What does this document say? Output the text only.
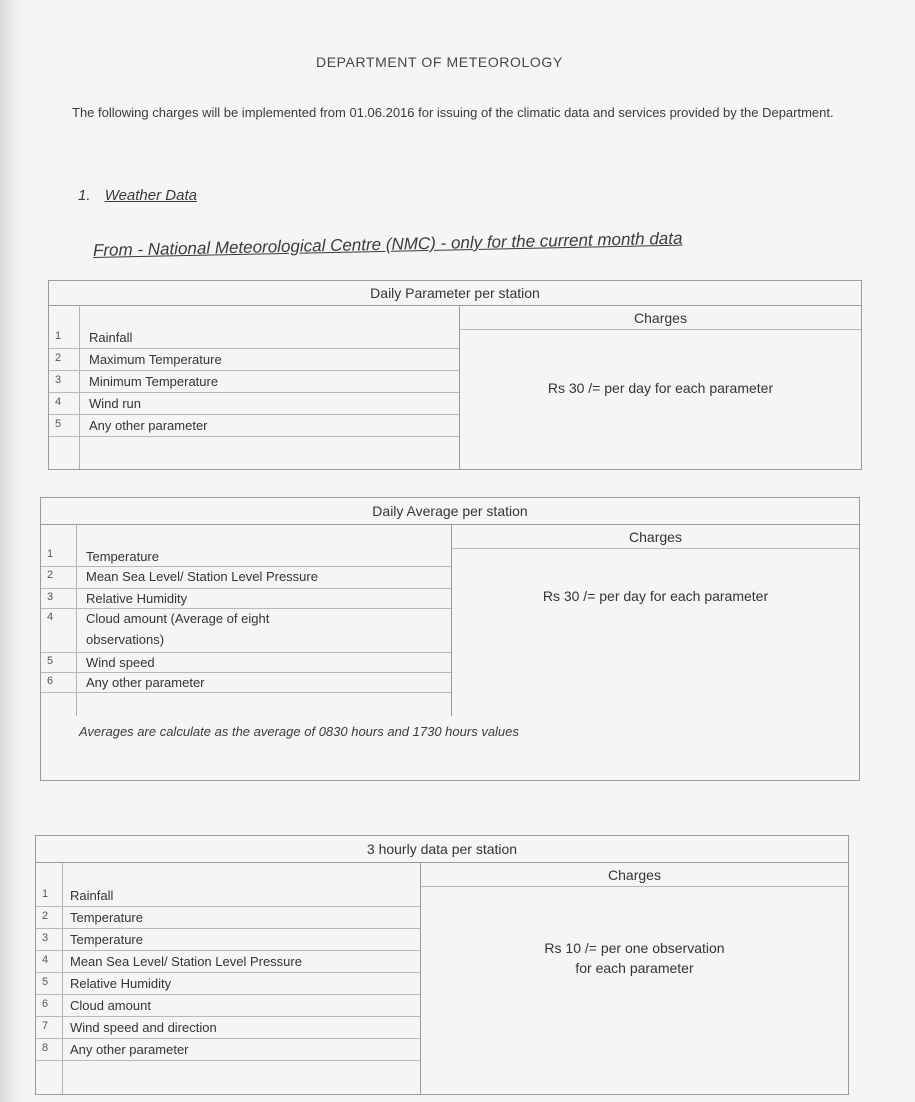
DEPARTMENT OF METEOROLOGY
The following charges will be implemented from 01.06.2016 for issuing of the climatic data and services provided by the Department.
1. Weather Data
From - National Meteorological Centre (NMC) - only for the current month data
Daily Parameter per station
Charges
Rs 30 /= per day for each parameter
1 Rainfall
2 Maximum Temperature
3 Minimum Temperature
4 Wind run
5 Any other parameter
Daily Average per station
Charges
Rs 30 /= per day for each parameter
1	Temperature
2	Mean Sea Level/ Station Level Pressure
3	Relative Humidity
4	Cloud amount (Average of eight
observations)
5	Wind speed
6	Any other parameter
Averages are calculate as the average of 0830 hours and 1730 hours values
3 hourly data per station
Charges
Rs 10 /= per one observation
for each parameter
1 Rainfall
2 Temperature
3 Temperature
4 Mean Sea Level/ Station Level Pressure
5 Relative Humidity
6 Cloud amount
7 Wind speed and direction
8 Any other parameter
